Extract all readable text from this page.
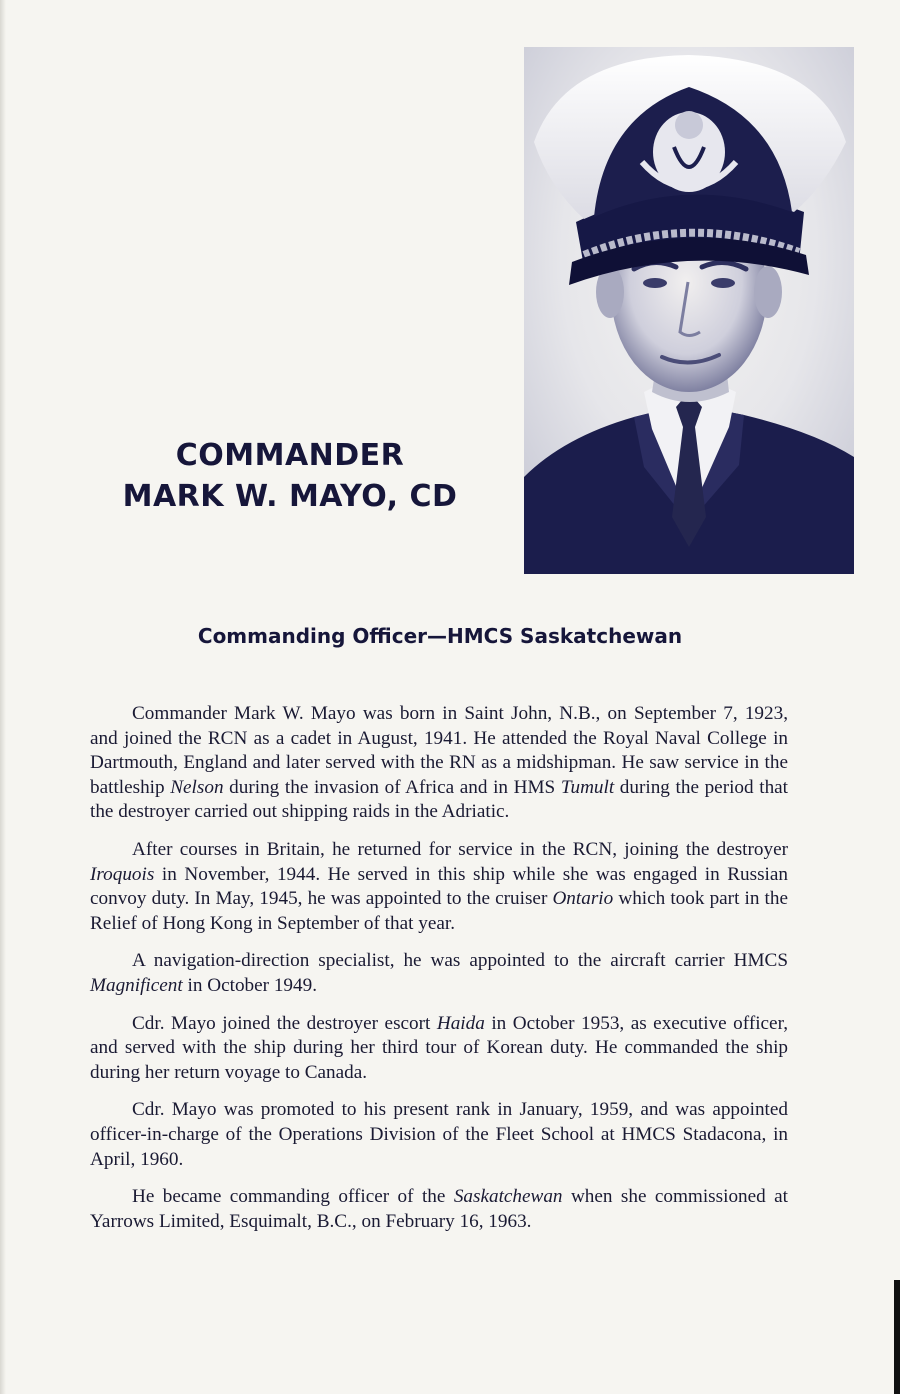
COMMANDER
MARK W. MAYO, CD
Commanding Officer—HMCS Saskatchewan

Commander Mark W. Mayo was born in Saint John, N.B., on September 7, 1923, and joined the RCN as a cadet in August, 1941. He attended the Royal Naval College in Dartmouth, England and later served with the RN as a midshipman. He saw service in the battleship Nelson during the invasion of Africa and in HMS Tumult during the period that the destroyer carried out shipping raids in the Adriatic.

After courses in Britain, he returned for service in the RCN, joining the destroyer Iroquois in November, 1944. He served in this ship while she was engaged in Russian convoy duty. In May, 1945, he was appointed to the cruiser Ontario which took part in the Relief of Hong Kong in September of that year.

A navigation-direction specialist, he was appointed to the aircraft carrier HMCS Magnificent in October 1949.

Cdr. Mayo joined the destroyer escort Haida in October 1953, as executive officer, and served with the ship during her third tour of Korean duty. He commanded the ship during her return voyage to Canada.

Cdr. Mayo was promoted to his present rank in January, 1959, and was appointed officer-in-charge of the Operations Division of the Fleet School at HMCS Stadacona, in April, 1960.

He became commanding officer of the Saskatchewan when she commissioned at Yarrows Limited, Esquimalt, B.C., on February 16, 1963.
